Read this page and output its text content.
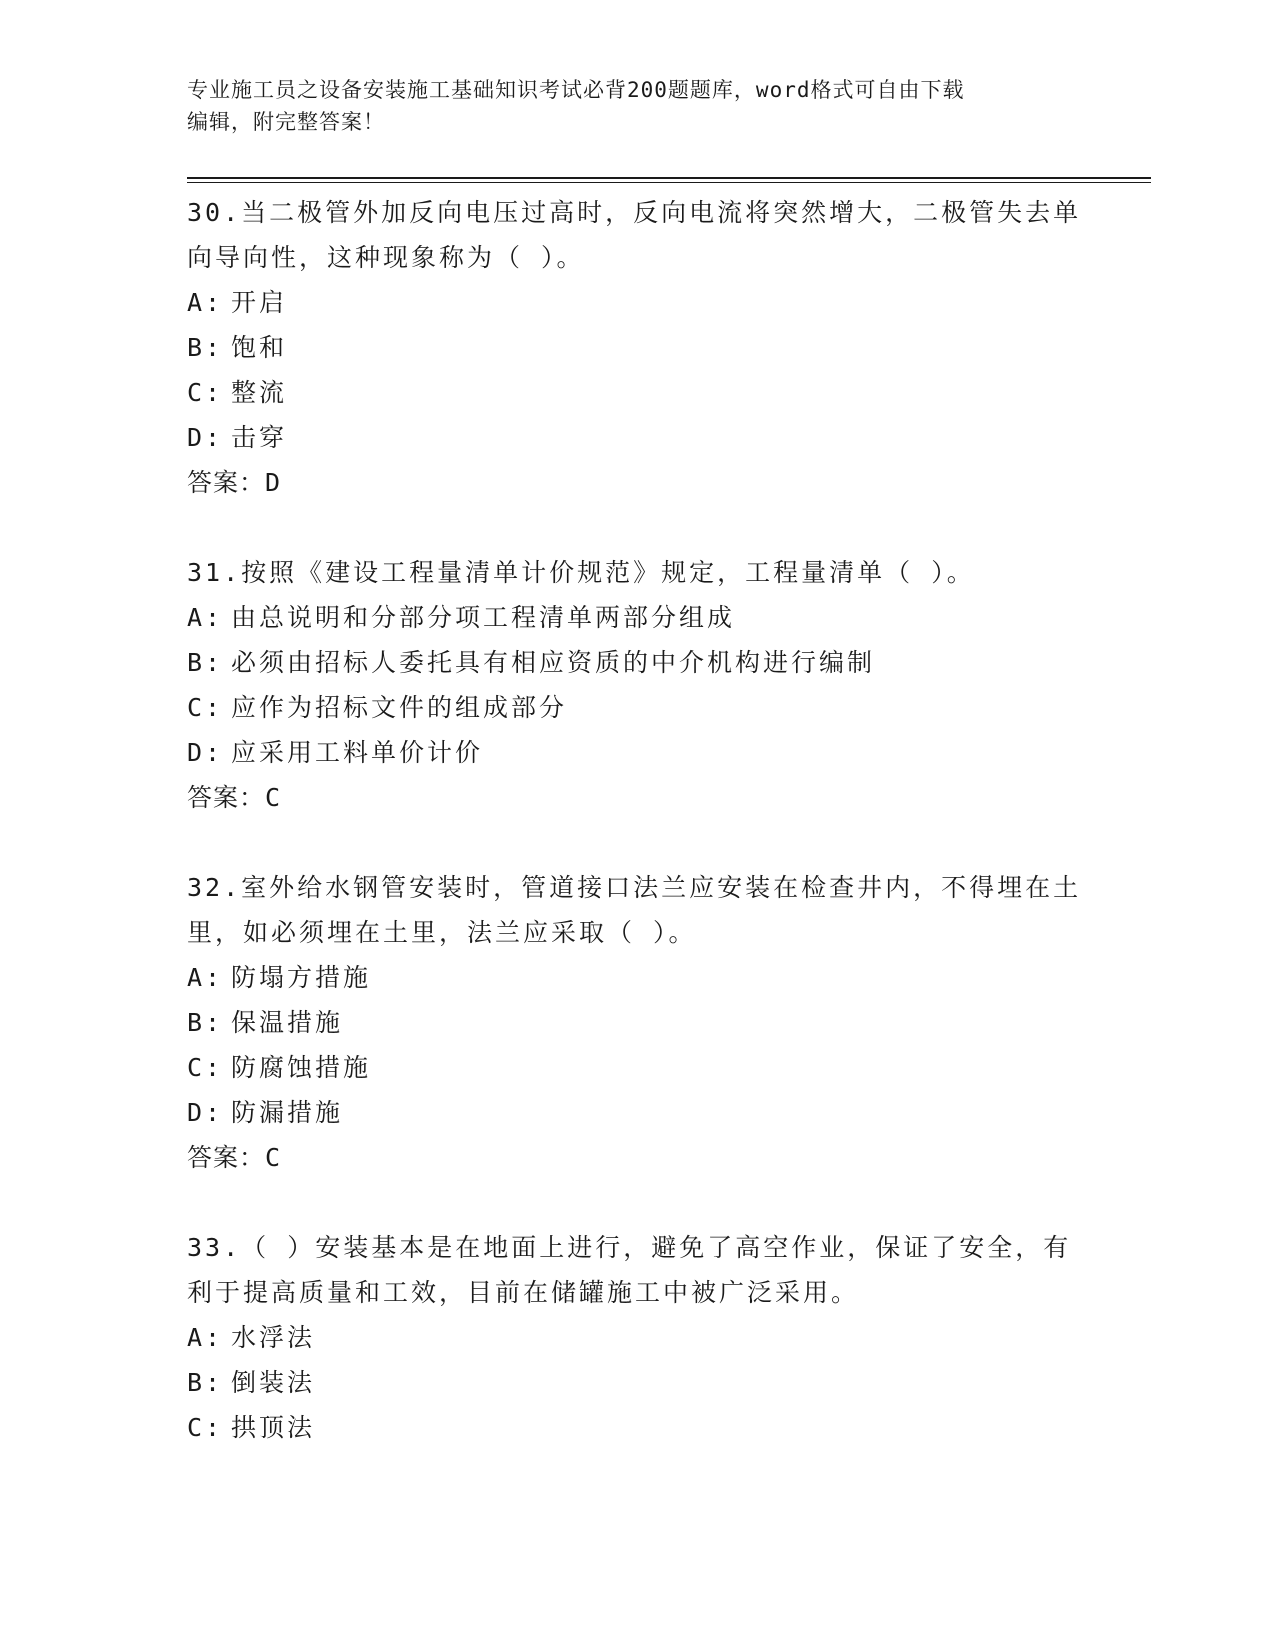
专业施工员之设备安装施工基础知识考试必背200题题库，word格式可自由下载
编辑，附完整答案！

30.当二极管外加反向电压过高时，反向电流将突然增大，二极管失去单向导向性，这种现象称为（ ）。

A: 开启

B: 饱和

C: 整流

D: 击穿

答案：D

31.按照《建设工程量清单计价规范》规定，工程量清单（ ）。

A: 由总说明和分部分项工程清单两部分组成

B: 必须由招标人委托具有相应资质的中介机构进行编制

C: 应作为招标文件的组成部分

D: 应采用工料单价计价

答案：C

32.室外给水钢管安装时，管道接口法兰应安装在检查井内，不得埋在土里，如必须埋在土里，法兰应采取（ ）。

A: 防塌方措施

B: 保温措施

C: 防腐蚀措施

D: 防漏措施

答案：C

33.（ ）安装基本是在地面上进行，避免了高空作业，保证了安全，有利于提高质量和工效，目前在储罐施工中被广泛采用。

A: 水浮法

B: 倒装法

C: 拱顶法
